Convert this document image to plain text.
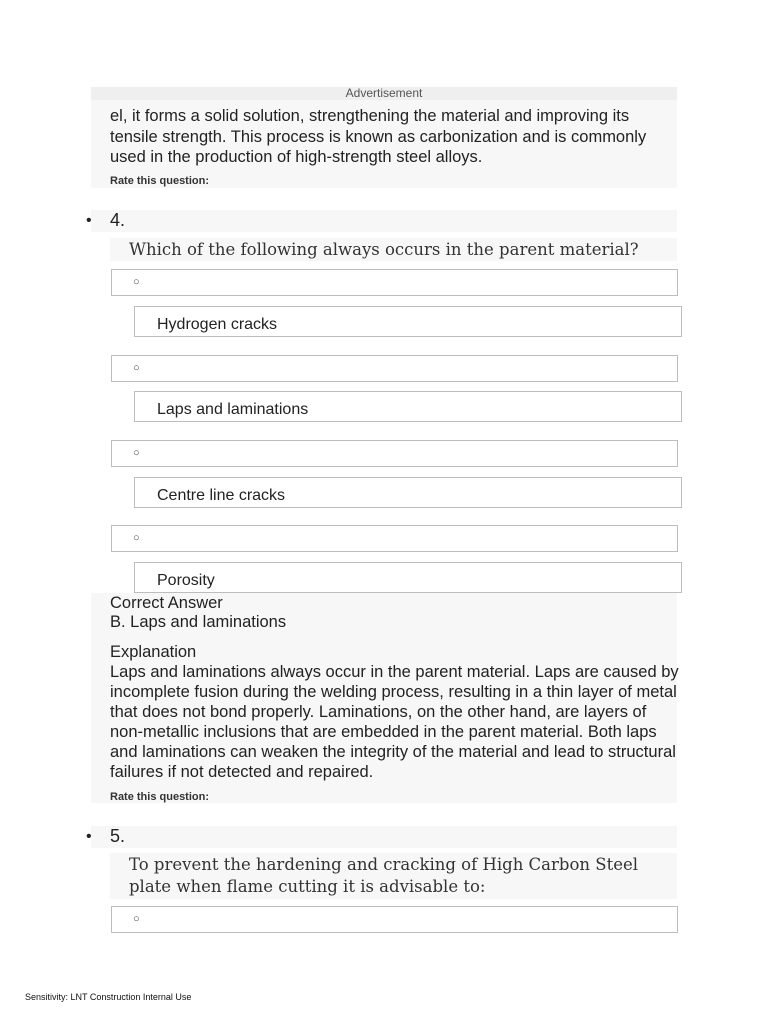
Advertisement
el, it forms a solid solution, strengthening the material and improving its tensile strength. This process is known as carbonization and is commonly used in the production of high-strength steel alloys.
Rate this question:
• 4.
Which of the following always occurs in the parent material?
○
Hydrogen cracks
○
Laps and laminations
○
Centre line cracks
○
Porosity
Correct Answer
B. Laps and laminations
Explanation
Laps and laminations always occur in the parent material. Laps are caused by incomplete fusion during the welding process, resulting in a thin layer of metal that does not bond properly. Laminations, on the other hand, are layers of non-metallic inclusions that are embedded in the parent material. Both laps and laminations can weaken the integrity of the material and lead to structural failures if not detected and repaired.
Rate this question:
• 5.
To prevent the hardening and cracking of High Carbon Steel plate when flame cutting it is advisable to:
○
Sensitivity: LNT Construction Internal Use
